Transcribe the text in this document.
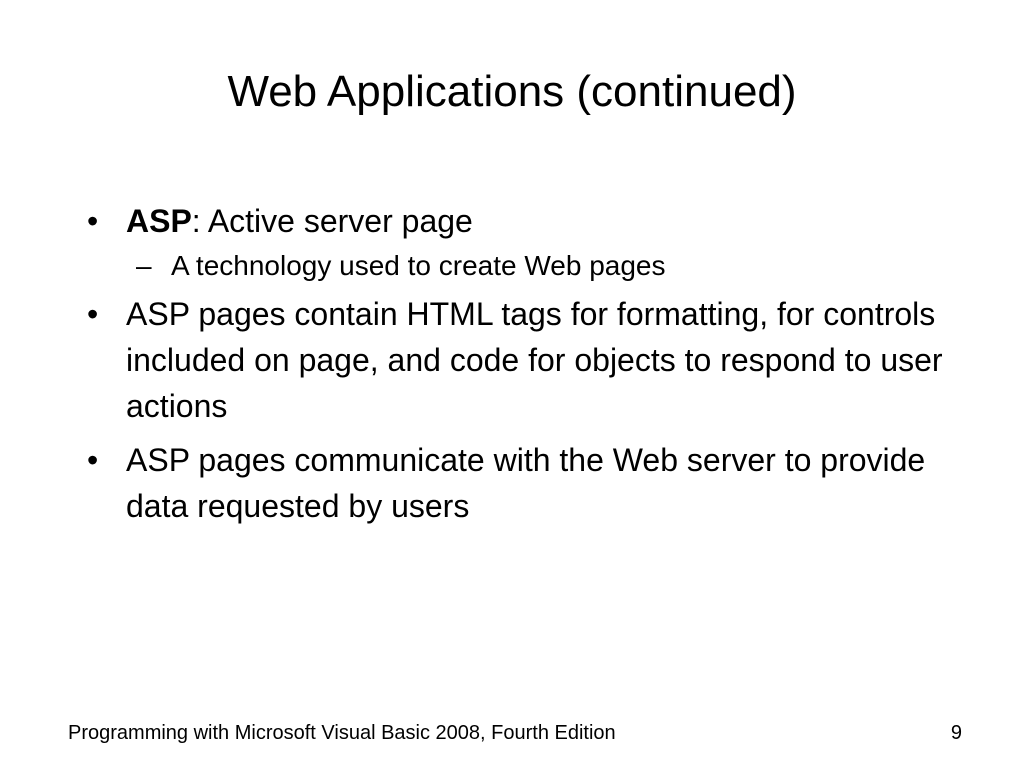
Web Applications (continued)
• ASP: Active server page
– A technology used to create Web pages
• ASP pages contain HTML tags for formatting, for controls included on page, and code for objects to respond to user actions
• ASP pages communicate with the Web server to provide data requested by users
Programming with Microsoft Visual Basic 2008, Fourth Edition	9
